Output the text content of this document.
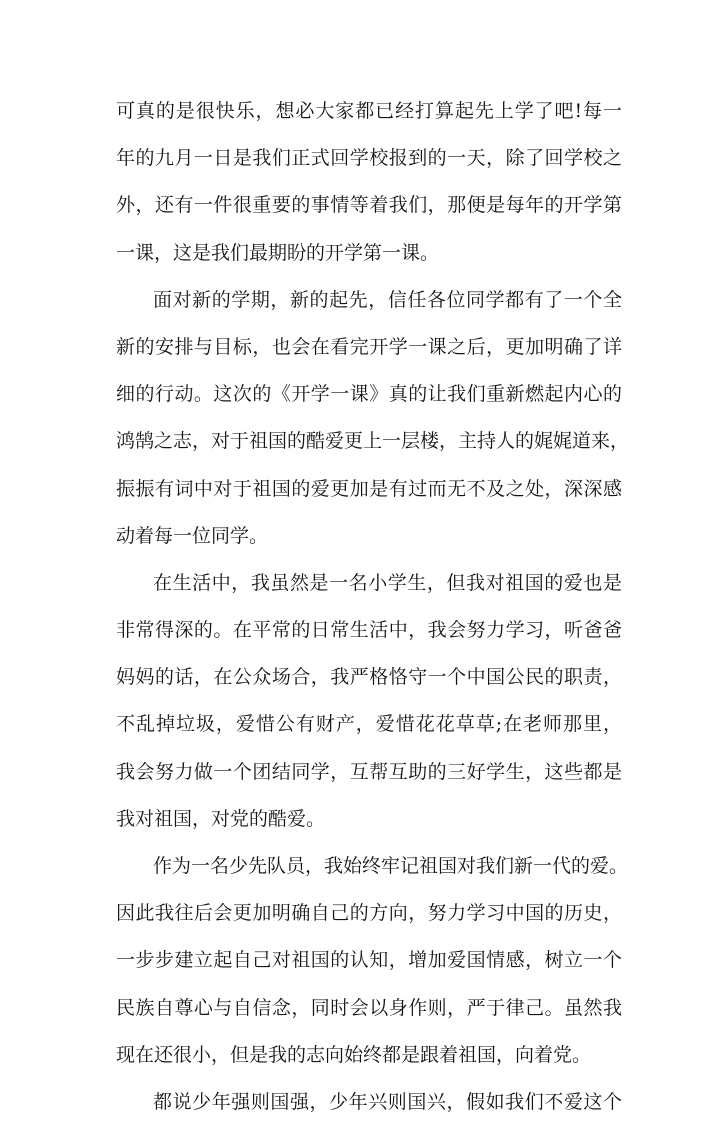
可真的是很快乐，想必大家都已经打算起先上学了吧!每一
年的九月一日是我们正式回学校报到的一天，除了回学校之
外，还有一件很重要的事情等着我们，那便是每年的开学第
一课，这是我们最期盼的开学第一课。
面对新的学期，新的起先，信任各位同学都有了一个全
新的安排与目标，也会在看完开学一课之后，更加明确了详
细的行动。这次的《开学一课》真的让我们重新燃起内心的
鸿鹄之志，对于祖国的酷爱更上一层楼，主持人的娓娓道来，
振振有词中对于祖国的爱更加是有过而无不及之处，深深感
动着每一位同学。
在生活中，我虽然是一名小学生，但我对祖国的爱也是
非常得深的。在平常的日常生活中，我会努力学习，听爸爸
妈妈的话，在公众场合，我严格恪守一个中国公民的职责，
不乱掉垃圾，爱惜公有财产，爱惜花花草草;在老师那里，
我会努力做一个团结同学，互帮互助的三好学生，这些都是
我对祖国，对党的酷爱。
作为一名少先队员，我始终牢记祖国对我们新一代的爱。
因此我往后会更加明确自己的方向，努力学习中国的历史，
一步步建立起自己对祖国的认知，增加爱国情感，树立一个
民族自尊心与自信念，同时会以身作则，严于律己。虽然我
现在还很小，但是我的志向始终都是跟着祖国，向着党。
都说少年强则国强，少年兴则国兴，假如我们不爱这个
